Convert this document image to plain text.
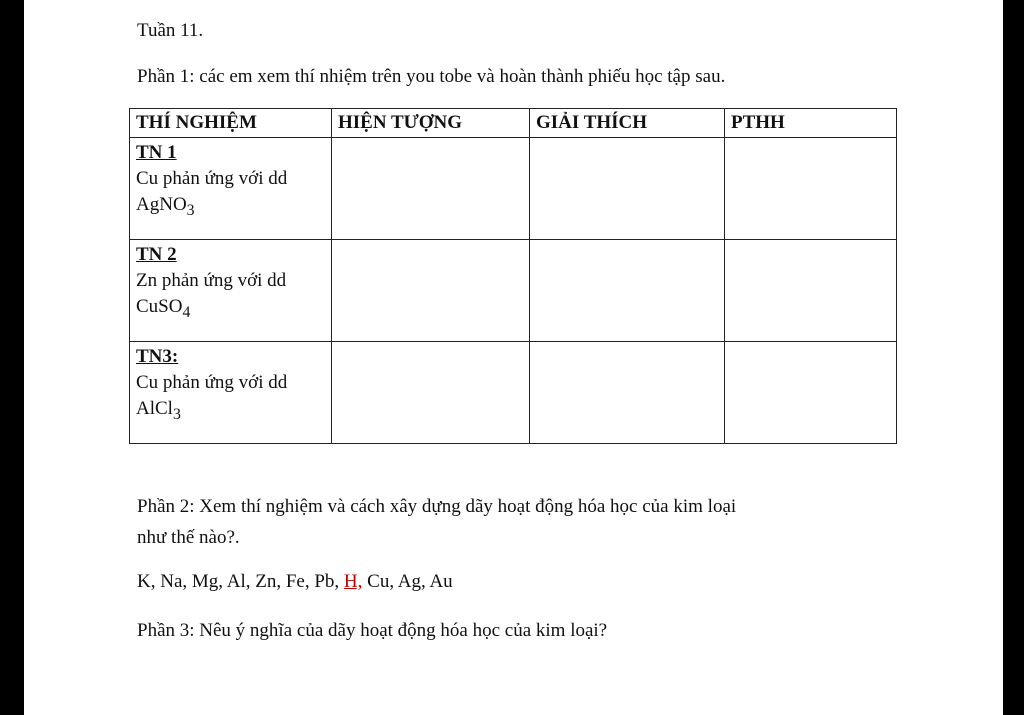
Tuần 11.
Phần 1: các em xem thí nhiệm trên you tobe và hoàn thành phiếu học tập sau.
THÍ NGHIỆM	HIỆN TƯỢNG	GIẢI THÍCH	PTHH

TN 1
Cu phản ứng với dd
AgNO$_3$

TN 2
Zn phản ứng với dd
CuSO$_4$

TN3:
Cu phản ứng với dd
AlCl$_3$

Phần 2: Xem thí nghiệm và cách xây dựng dãy hoạt động hóa học của kim loại
như thế nào?.
K, Na, Mg, Al, Zn, Fe, Pb, H, Cu, Ag, Au
Phần 3: Nêu ý nghĩa của dãy hoạt động hóa học của kim loại?
